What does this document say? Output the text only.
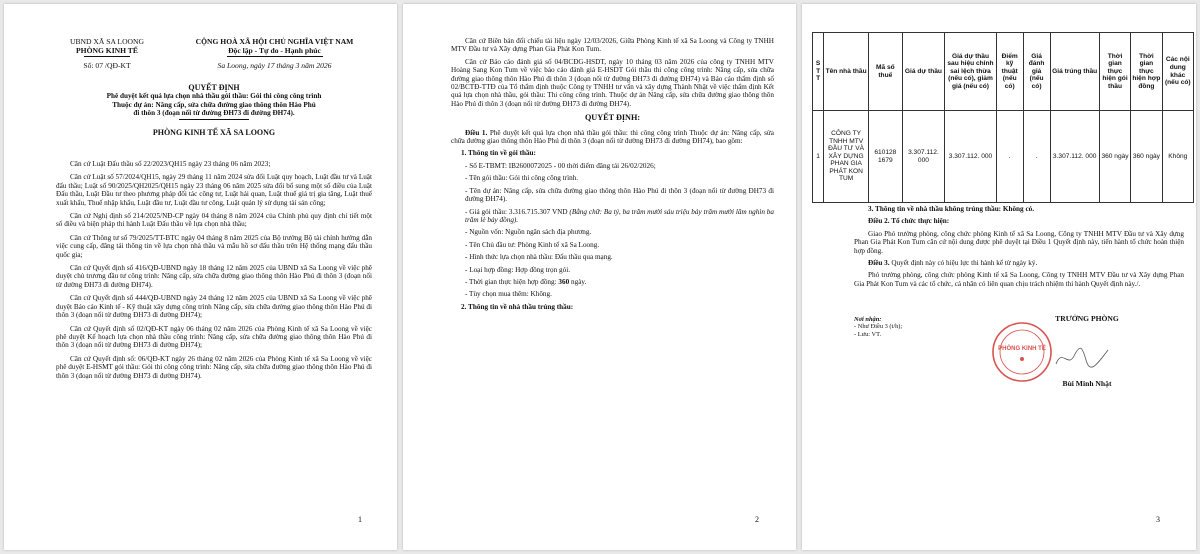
UBND XÃ SA LOONG
PHÒNG KINH TẾ
Số: 07 /QĐ-KT
CỘNG HOÀ XÃ HỘI CHỦ NGHĨA VIỆT NAM
Độc lập - Tự do - Hạnh phúc
Sa Loong, ngày 17 tháng 3 năm 2026
QUYẾT ĐỊNH
Phê duyệt kết quả lựa chọn nhà thầu gói thầu: Gói thi công công trình
Thuộc dự án: Nâng cấp, sửa chữa đường giao thông thôn Hào Phú
đi thôn 3 (đoạn nối từ đường ĐH73 đi đường ĐH74).
PHÒNG KINH TẾ XÃ SA LOONG

Căn cứ Luật Đấu thầu số 22/2023/QH15 ngày 23 tháng 06 năm 2023;

Căn cứ Luật số 57/2024/QH15, ngày 29 tháng 11 năm 2024 sửa đổi Luật quy hoạch, Luật đầu tư và Luật đấu thầu; Luật số 90/2025/QH2025/QH15 ngày 23 tháng 06 năm 2025 sửa đổi bổ sung một số điều của Luật Đấu thầu, Luật Đầu tư theo phương pháp đối tác công tư, Luật hải quan, Luật thuế giá trị gia tăng, Luật thuế xuất khẩu, Thuế nhập khẩu, Luật đầu tư, Luật đầu tư công, Luật quản lý sử dụng tài sản công;

Căn cứ Nghị định số 214/2025/NĐ-CP ngày 04 tháng 8 năm 2024 của Chính phủ quy định chi tiết một số điều và biện pháp thi hành Luật Đấu thầu về lựa chọn nhà thầu;

Căn cứ Thông tư số 79/2025/TT-BTC ngày 04 tháng 8 năm 2025 của Bộ trưởng Bộ tài chính hướng dẫn việc cung cấp, đăng tải thông tin về lựa chọn nhà thầu và mẫu hồ sơ đấu thầu trên Hệ thống mạng đấu thầu quốc gia;

Căn cứ Quyết định số 416/QĐ-UBND ngày 18 tháng 12 năm 2025 của UBND xã Sa Loong về việc phê duyệt chủ trương đầu tư công trình: Nâng cấp, sửa chữa đường giao thông thôn Hào Phú đi thôn 3 (đoạn nối từ đường ĐH73 đi đường ĐH74).

Căn cứ Quyết định số 444/QĐ-UBND ngày 24 tháng 12 năm 2025 của UBND xã Sa Loong về việc phê duyệt Báo cáo Kinh tế - Kỹ thuật xây dựng công trình Nâng cấp, sửa chữa đường giao thông thôn Hào Phú đi thôn 3 (đoạn nối từ đường ĐH73 đi đường ĐH74);

Căn cứ Quyết định số 02/QĐ-KT ngày 06 tháng 02 năm 2026 của Phòng Kinh tế xã Sa Loong về việc phê duyệt Kế hoạch lựa chọn nhà thầu công trình: Nâng cấp, sửa chữa đường giao thông thôn Hào Phú đi thôn 3 (đoạn nối từ đường ĐH73 đi đường ĐH74);

Căn cứ Quyết định số: 06/QĐ-KT ngày 26 tháng 02 năm 2026 của Phòng Kinh tế xã Sa Loong về việc phê duyệt E-HSMT gói thầu: Gói thi công công trình: Nâng cấp, sửa chữa đường giao thông thôn Hào Phú đi thôn 3 (đoạn nối từ đường ĐH73 đi đường ĐH74).

1

Căn cứ Biên bản đối chiếu tài liệu ngày 12/03/2026, Giữa Phòng Kinh tế xã Sa Loong và Công ty TNHH MTV Đầu tư và Xây dựng Phan Gia Phát Kon Tum.

Căn cứ Báo cáo đánh giá số 04/BCĐG-HSDT, ngày 10 tháng 03 năm 2026 của công ty TNHH MTV Hoàng Sang Kon Tum về việc báo cáo đánh giá E-HSDT Gói thầu thi công công trình: Nâng cấp, sửa chữa đường giao thông thôn Hào Phú đi thôn 3 (đoạn nối từ đường ĐH73 đi đường ĐH74) và Báo cáo thẩm định số 02/BCTĐ-TTĐ của Tổ thẩm định thuộc Công ty TNHH tư vấn và xây dựng Thành Nhật về việc thẩm định Kết quả lựa chọn nhà thầu, gói thầu: Thi công công trình. Thuộc dự án Nâng cấp, sửa chữa đường giao thông thôn Hào Phú đi thôn 3 (đoạn nối từ đường ĐH73 đi đường ĐH74).

QUYẾT ĐỊNH:

Điều 1. Phê duyệt kết quả lựa chọn nhà thầu gói thầu: thi công công trình Thuộc dự án: Nâng cấp, sửa chữa đường giao thông thôn Hào Phú đi thôn 3 (đoạn nối từ đường ĐH73 đi đường ĐH74), bao gồm:

1. Thông tin về gói thầu:

- Số E-TBMT: IB2600072025 - 00 thời điểm đăng tải 26/02/2026;

- Tên gói thầu: Gói thi công công trình.

- Tên dự án: Nâng cấp, sửa chữa đường giao thông thôn Hào Phú đi thôn 3 (đoạn nối từ đường ĐH73 đi đường ĐH74).

- Giá gói thầu: 3.316.715.307 VND (Bằng chữ: Ba tỷ, ba trăm mười sáu triệu bảy trăm mười lăm nghìn ba trăm lẻ bảy đồng).

- Nguồn vốn: Nguồn ngân sách địa phương.

- Tên Chủ đầu tư: Phòng Kinh tế xã Sa Loong.

- Hình thức lựa chọn nhà thầu: Đấu thầu qua mạng.

- Loại hợp đồng: Hợp đồng trọn gói.

- Thời gian thực hiện hợp đồng: 360 ngày.

- Tùy chọn mua thêm: Không.

2. Thông tin về nhà thầu trúng thầu:
2
S T T	Tên nhà thầu	Mã số thuế	Giá dự thầu	Giá dự thầu sau hiệu chỉnh sai lệch thừa (nếu có), giảm giá (nếu có)	Điểm kỹ thuật (nếu có)	Giá đánh giá (nếu có)	Giá trúng thầu	Thời gian thực hiện gói thầu	Thời gian thực hiện hợp đồng	Các nội dung khác (nếu có)
1	CÔNG TY TNHH MTV ĐẦU TƯ VÀ XÂY DỰNG PHAN GIA PHÁT KON TUM	610128 1679	3.307.112. 000	3.307.112. 000	.	.	3.307.112. 000	360 ngày	360 ngày	Không
3. Thông tin về nhà thầu không trúng thầu: Không có.

Điều 2. Tổ chức thực hiện:

Giao Phó trưởng phòng, công chức phòng Kinh tế xã Sa Loong, Công ty TNHH MTV Đầu tư và Xây dựng Phan Gia Phát Kon Tum căn cứ nội dung được phê duyệt tại Điều 1 Quyết định này, tiến hành tổ chức hoàn thiện hợp đồng.

Điều 3. Quyết định này có hiệu lực thi hành kể từ ngày ký.

Phó trưởng phòng, công chức phòng Kinh tế xã Sa Loong, Công ty TNHH MTV Đầu tư và Xây dựng Phan Gia Phát Kon Tum và các tổ chức, cá nhân có liên quan chịu trách nhiệm thi hành Quyết định này./.

Nơi nhận:
- Như Điều 3 (t/h);
- Lưu: VT.
TRƯỞNG PHÒNG
PHÒNG KINH TẾ
Bùi Minh Nhật
3
